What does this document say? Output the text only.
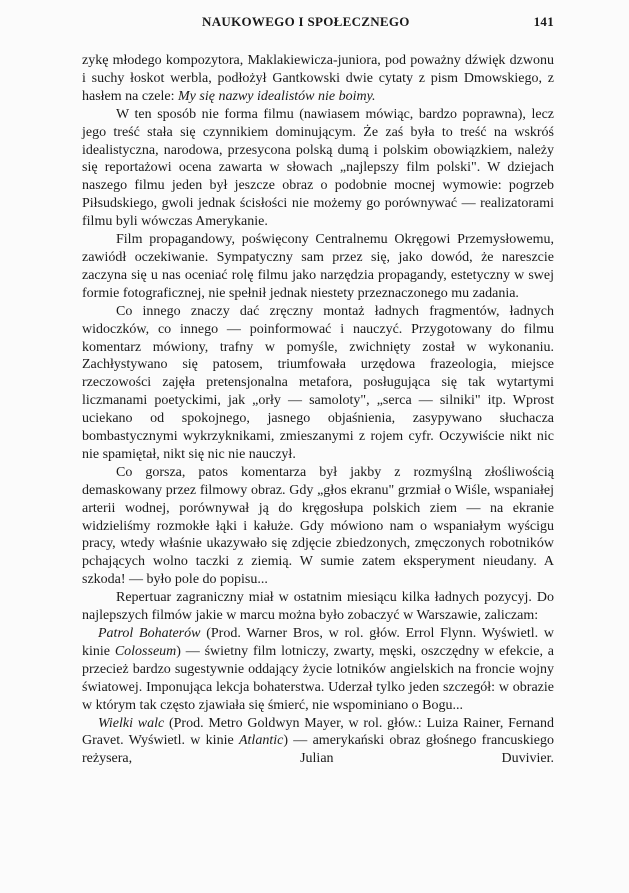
NAUKOWEGO I SPOŁECZNEGO	141

zykę młodego kompozytora, Maklakiewicza-juniora, pod poważny dźwięk dzwonu i suchy łoskot werbla, podłożył Gantkowski dwie cytaty z pism Dmowskiego, z hasłem na czele: My się nazwy idealistów nie boimy.

W ten sposób nie forma filmu (nawiasem mówiąc, bardzo poprawna), lecz jego treść stała się czynnikiem dominującym. Że zaś była to treść na wskróś idealistyczna, narodowa, przesycona polską dumą i polskim obowiązkiem, należy się reportażowi ocena zawarta w słowach „najlepszy film polski". W dziejach naszego filmu jeden był jeszcze obraz o podobnie mocnej wymowie: pogrzeb Piłsudskiego, gwoli jednak ścisłości nie możemy go porównywać — realizatorami filmu byli wówczas Amerykanie.

Film propagandowy, poświęcony Centralnemu Okręgowi Przemysłowemu, zawiódł oczekiwanie. Sympatyczny sam przez się, jako dowód, że nareszcie zaczyna się u nas oceniać rolę filmu jako narzędzia propagandy, estetyczny w swej formie fotograficznej, nie spełnił jednak niestety przeznaczonego mu zadania.

Co innego znaczy dać zręczny montaż ładnych fragmentów, ładnych widoczków, co innego — poinformować i nauczyć. Przygotowany do filmu komentarz mówiony, trafny w pomyśle, zwichnięty został w wykonaniu. Zachłystywano się patosem, triumfowała urzędowa frazeologia, miejsce rzeczowości zajęła pretensjonalna metafora, posługująca się tak wytartymi liczmanami poetyckimi, jak „orły — samoloty", „serca — silniki" itp. Wprost uciekano od spokojnego, jasnego objaśnienia, zasypywano słuchacza bombastycznymi wykrzyknikami, zmieszanymi z rojem cyfr. Oczywiście nikt nic nie spamiętał, nikt się nic nie nauczył.

Co gorsza, patos komentarza był jakby z rozmyślną złośliwością demaskowany przez filmowy obraz. Gdy „głos ekranu" grzmiał o Wiśle, wspaniałej arterii wodnej, porównywał ją do kręgosłupa polskich ziem — na ekranie widzieliśmy rozmokłe łąki i kałuże. Gdy mówiono nam o wspaniałym wyścigu pracy, wtedy właśnie ukazywało się zdjęcie zbiedzonych, zmęczonych robotników pchających wolno taczki z ziemią. W sumie zatem eksperyment nieudany. A szkoda! — było pole do popisu...

Repertuar zagraniczny miał w ostatnim miesiącu kilka ładnych pozycyj. Do najlepszych filmów jakie w marcu można było zobaczyć w Warszawie, zaliczam:

Patrol Bohaterów (Prod. Warner Bros, w rol. głów. Errol Flynn. Wyświetl. w kinie Colosseum) — świetny film lotniczy, zwarty, męski, oszczędny w efekcie, a przecież bardzo sugestywnie oddający życie lotników angielskich na froncie wojny światowej. Imponująca lekcja bohaterstwa. Uderzał tylko jeden szczegół: w obrazie w którym tak często zjawiała się śmierć, nie wspominiano o Bogu...

Wielki walc (Prod. Metro Goldwyn Mayer, w rol. głów.: Luiza Rainer, Fernand Gravet. Wyświetl. w kinie Atlantic) — amerykański obraz głośnego francuskiego reżysera, Julian Duvivier.
